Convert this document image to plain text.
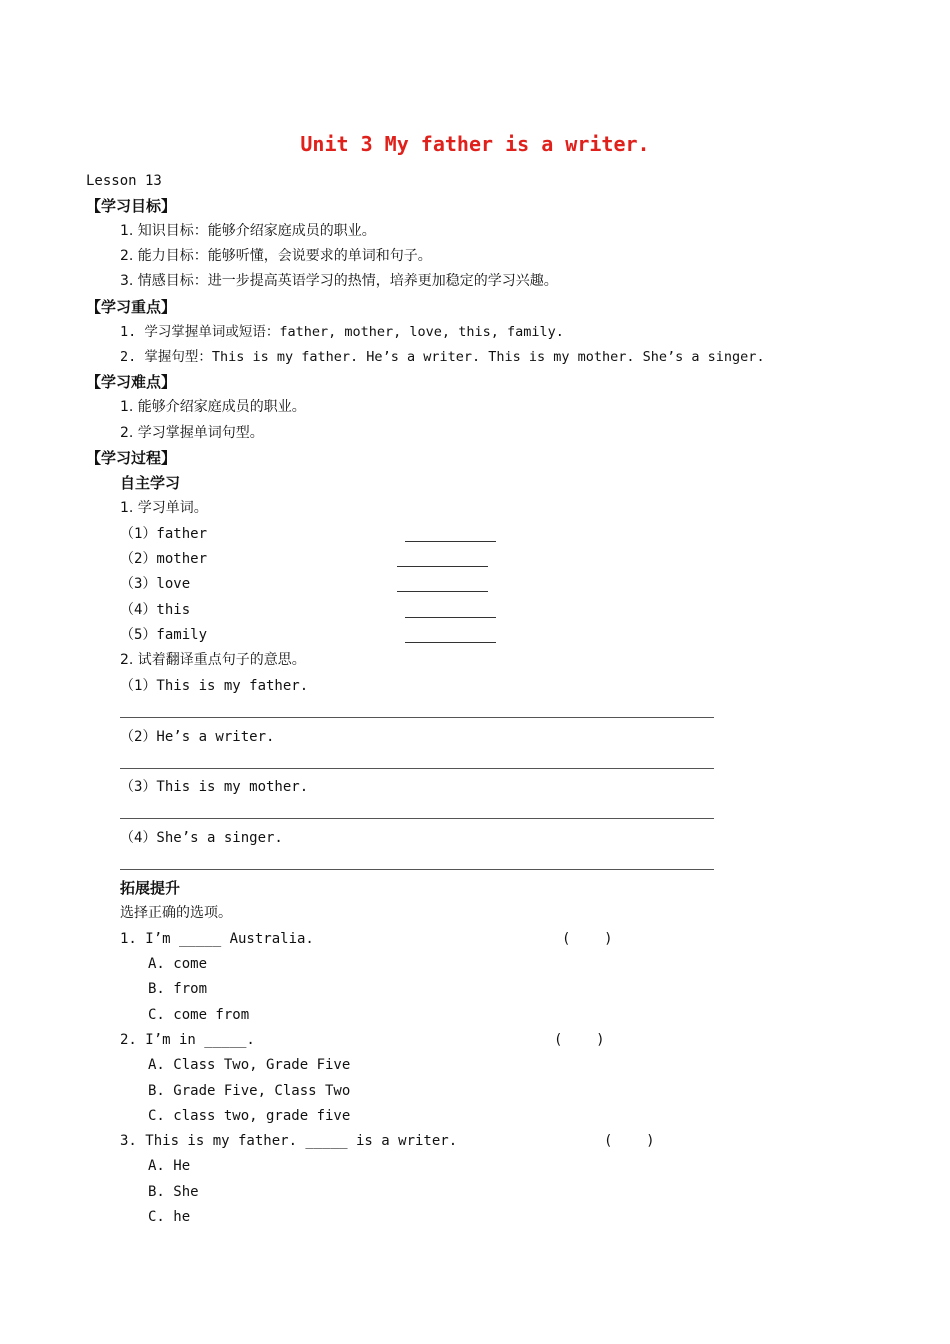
Unit 3 My father is a writer.
Lesson 13
【学习目标】
1. 知识目标：能够介绍家庭成员的职业。
2. 能力目标：能够听懂，会说要求的单词和句子。
3. 情感目标：进一步提高英语学习的热情，培养更加稳定的学习兴趣。
【学习重点】
1. 学习掌握单词或短语：father, mother, love, this, family.
2. 掌握句型：This is my father. He’s a writer. This is my mother. She’s a singer.
【学习难点】
1. 能够介绍家庭成员的职业。
2. 学习掌握单词句型。
【学习过程】
自主学习
1. 学习单词。
（1）father
（2）mother
（3）love
（4）this
（5）family
2. 试着翻译重点句子的意思。
（1）This is my father.
（2）He’s a writer.
（3）This is my mother.
（4）She’s a singer.
拓展提升
选择正确的选项。
1. I’m _____ Australia.	(    )
A. come
B. from
C. come from
2. I’m in _____.	(    )
A. Class Two, Grade Five
B. Grade Five, Class Two
C. class two, grade five
3. This is my father. _____ is a writer.	(    )
A. He
B. She
C. he
